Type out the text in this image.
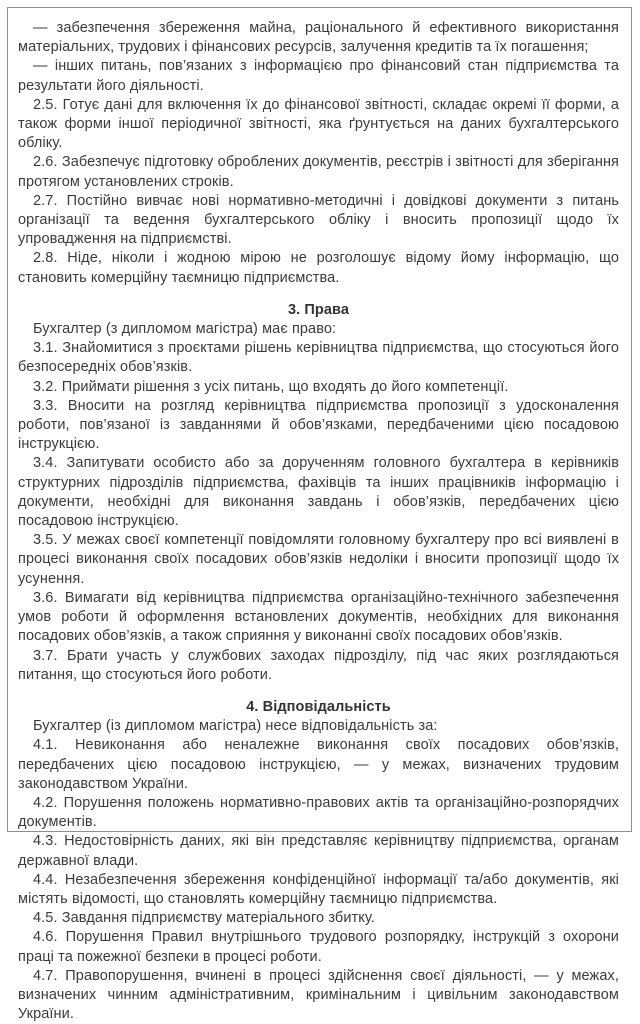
— забезпечення збереження майна, раціонального й ефективного використання матеріальних, трудових і фінансових ресурсів, залучення кредитів та їх погашення;

— інших питань, пов’язаних з інформацією про фінансовий стан підприємства та результати його діяльності.

2.5. Готує дані для включення їх до фінансової звітності, складає окремі її форми, а також форми іншої періодичної звітності, яка ґрунтується на даних бухгалтерського обліку.

2.6. Забезпечує підготовку оброблених документів, реєстрів і звітності для зберігання протягом установлених строків.

2.7. Постійно вивчає нові нормативно-методичні і довідкові документи з питань організації та ведення бухгалтерського обліку і вносить пропозиції щодо їх упровадження на підприємстві.

2.8. Ніде, ніколи і жодною мірою не розголошує відому йому інформацію, що становить комерційну таємницю підприємства.

3. Права

Бухгалтер (з дипломом магістра) має право:

3.1. Знайомитися з проєктами рішень керівництва підприємства, що стосуються його безпосередніх обов’язків.

3.2. Приймати рішення з усіх питань, що входять до його компетенції.

3.3. Вносити на розгляд керівництва підприємства пропозиції з удосконалення роботи, пов’язаної із завданнями й обов’язками, передбаченими цією посадовою інструкцією.

3.4. Запитувати особисто або за дорученням головного бухгалтера в керівників структурних підрозділів підприємства, фахівців та інших працівників інформацію і документи, необхідні для виконання завдань і обов’язків, передбачених цією посадовою інструкцією.

3.5. У межах своєї компетенції повідомляти головному бухгалтеру про всі виявлені в процесі виконання своїх посадових обов’язків недоліки і вносити пропозиції щодо їх усунення.

3.6. Вимагати від керівництва підприємства організаційно-технічного забезпечення умов роботи й оформлення встановлених документів, необхідних для виконання посадових обов’язків, а також сприяння у виконанні своїх посадових обов’язків.

3.7. Брати участь у службових заходах підрозділу, під час яких розглядаються питання, що стосуються його роботи.

4. Відповідальність

Бухгалтер (із дипломом магістра) несе відповідальність за:

4.1. Невиконання або неналежне виконання своїх посадових обов’язків, передбачених цією посадовою інструкцією, — у межах, визначених трудовим законодавством України.

4.2. Порушення положень нормативно-правових актів та організаційно-розпорядчих документів.

4.3. Недостовірність даних, які він представляє керівництву підприємства, органам державної влади.

4.4. Незабезпечення збереження конфіденційної інформації та/або документів, які містять відомості, що становлять комерційну таємницю підприємства.

4.5. Завдання підприємству матеріального збитку.

4.6. Порушення Правил внутрішнього трудового розпорядку, інструкцій з охорони праці та пожежної безпеки в процесі роботи.

4.7. Правопорушення, вчинені в процесі здійснення своєї діяльності, — у межах, визначених чинним адміністративним, кримінальним і цивільним законодавством України.
